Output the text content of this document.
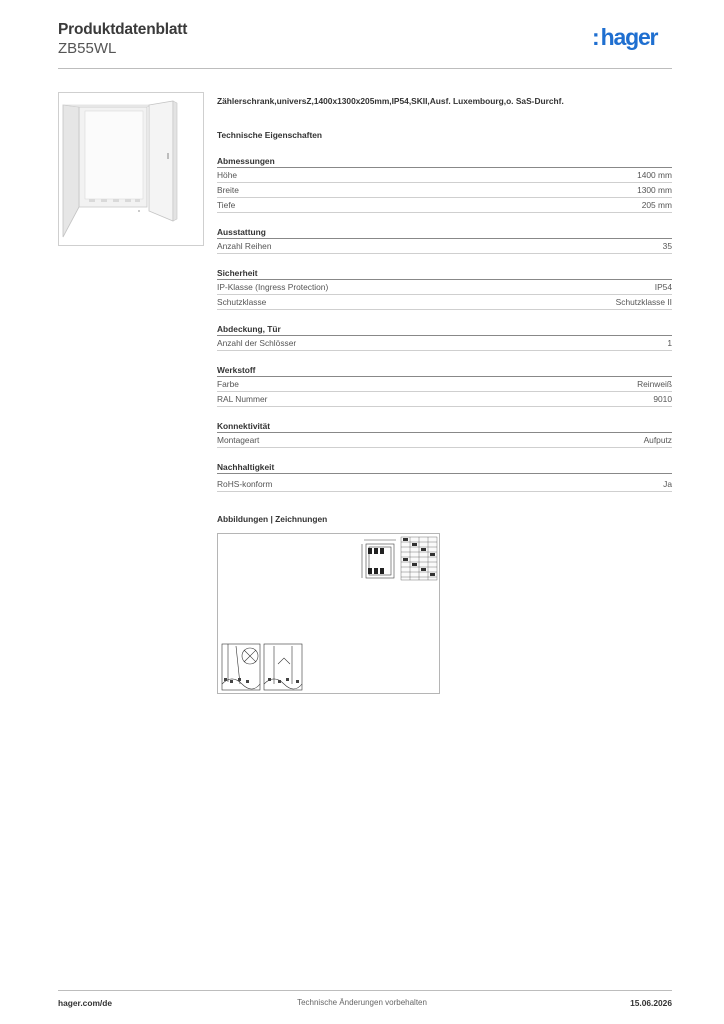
Produktdatenblatt
ZB55WL	:hager
Zählerschrank,universZ,1400x1300x205mm,IP54,SKII,Ausf. Luxembourg,o. SaS-Durchf.
Technische Eigenschaften
Abmessungen
Höhe	1400 mm
Breite	1300 mm
Tiefe	205 mm
Ausstattung
Anzahl Reihen	35
Sicherheit
IP-Klasse (Ingress Protection)	IP54
Schutzklasse	Schutzklasse II
Abdeckung, Tür
Anzahl der Schlösser	1
Werkstoff
Farbe	Reinweiß
RAL Nummer	9010
Konnektivität
Montageart	Aufputz
Nachhaltigkeit
RoHS-konform	Ja
Abbildungen | Zeichnungen
hager.com/de	Technische Änderungen vorbehalten	15.06.2026
